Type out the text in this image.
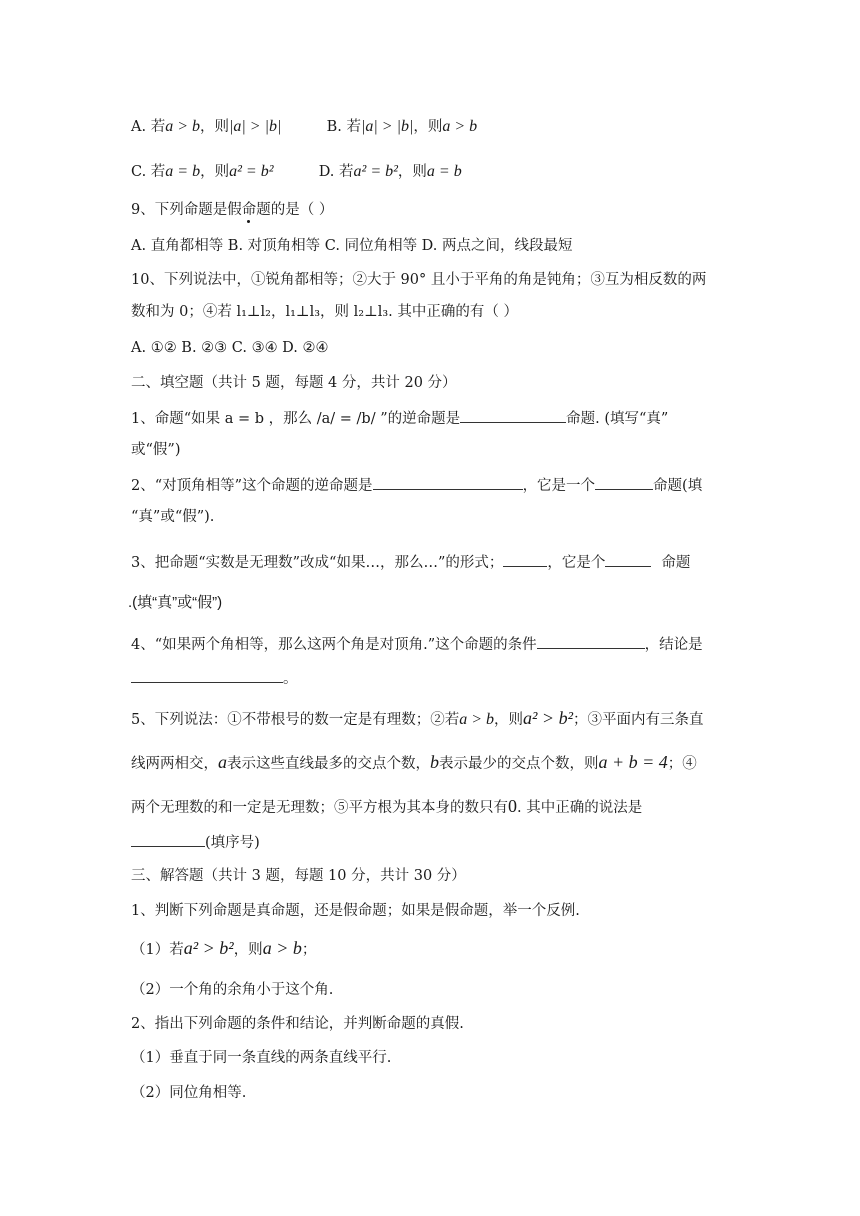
A. 若a > b，则|a| > |b|	B. 若|a| > |b|，则a > b
C. 若a = b，则a² = b²	D. 若a² = b²，则a = b
9、下列命题是假命题的是（ ）
A. 直角都相等 B. 对顶角相等 C. 同位角相等 D. 两点之间，线段最短
10、下列说法中，①锐角都相等；②大于 90° 且小于平角的角是钝角；③互为相反数的两
数和为 0；④若 l₁⊥l₂，l₁⊥l₃，则 l₂⊥l₃. 其中正确的有（ ）
A. ①② B. ②③ C. ③④ D. ②④
二、填空题（共计 5 题，每题 4 分，共计 20 分）
1、命题“如果 a = b ，那么 /a/ = /b/ ”的逆命题是	命题. (填写“真”
或“假”)
2、“对顶角相等”这个命题的逆命题是	，它是一个	命题(填
“真”或“假”).
3、把命题“实数是无理数”改成“如果…，那么…”的形式；	，它是个	命题
.(填“真”或“假”)
4、“如果两个角相等，那么这两个角是对顶角.”这个命题的条件	，结论是
。
5、下列说法：①不带根号的数一定是有理数；②若a > b，则a² > b²；③平面内有三条直
线两两相交，a表示这些直线最多的交点个数，b表示最少的交点个数，则a + b = 4；④
两个无理数的和一定是无理数；⑤平方根为其本身的数只有0. 其中正确的说法是
(填序号)
三、解答题（共计 3 题，每题 10 分，共计 30 分）
1、判断下列命题是真命题，还是假命题；如果是假命题，举一个反例.
（1）若a² > b²，则a > b；
（2）一个角的余角小于这个角.
2、指出下列命题的条件和结论，并判断命题的真假.
（1）垂直于同一条直线的两条直线平行.
（2）同位角相等.
